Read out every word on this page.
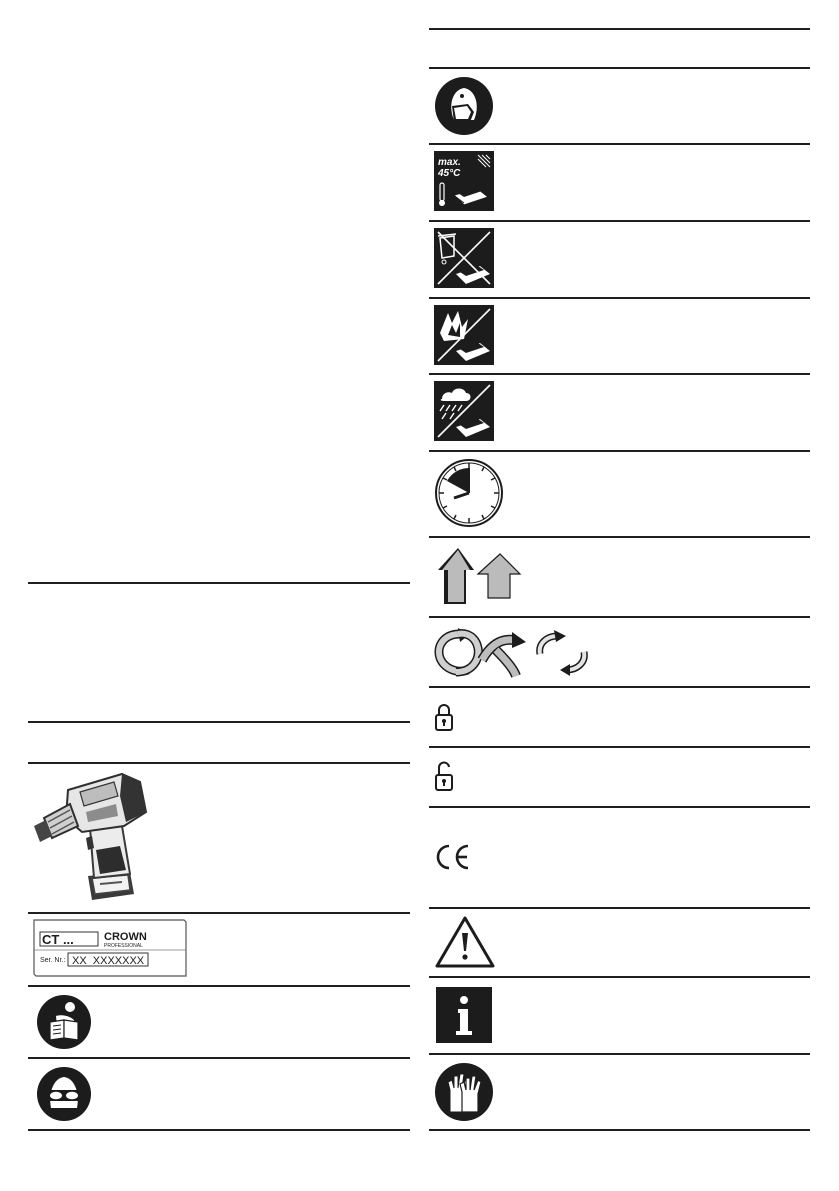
CT ...	CROWN
PROFESSIONAL
Ser. Nr.: XX  XXXXXXX
max.
45°C
